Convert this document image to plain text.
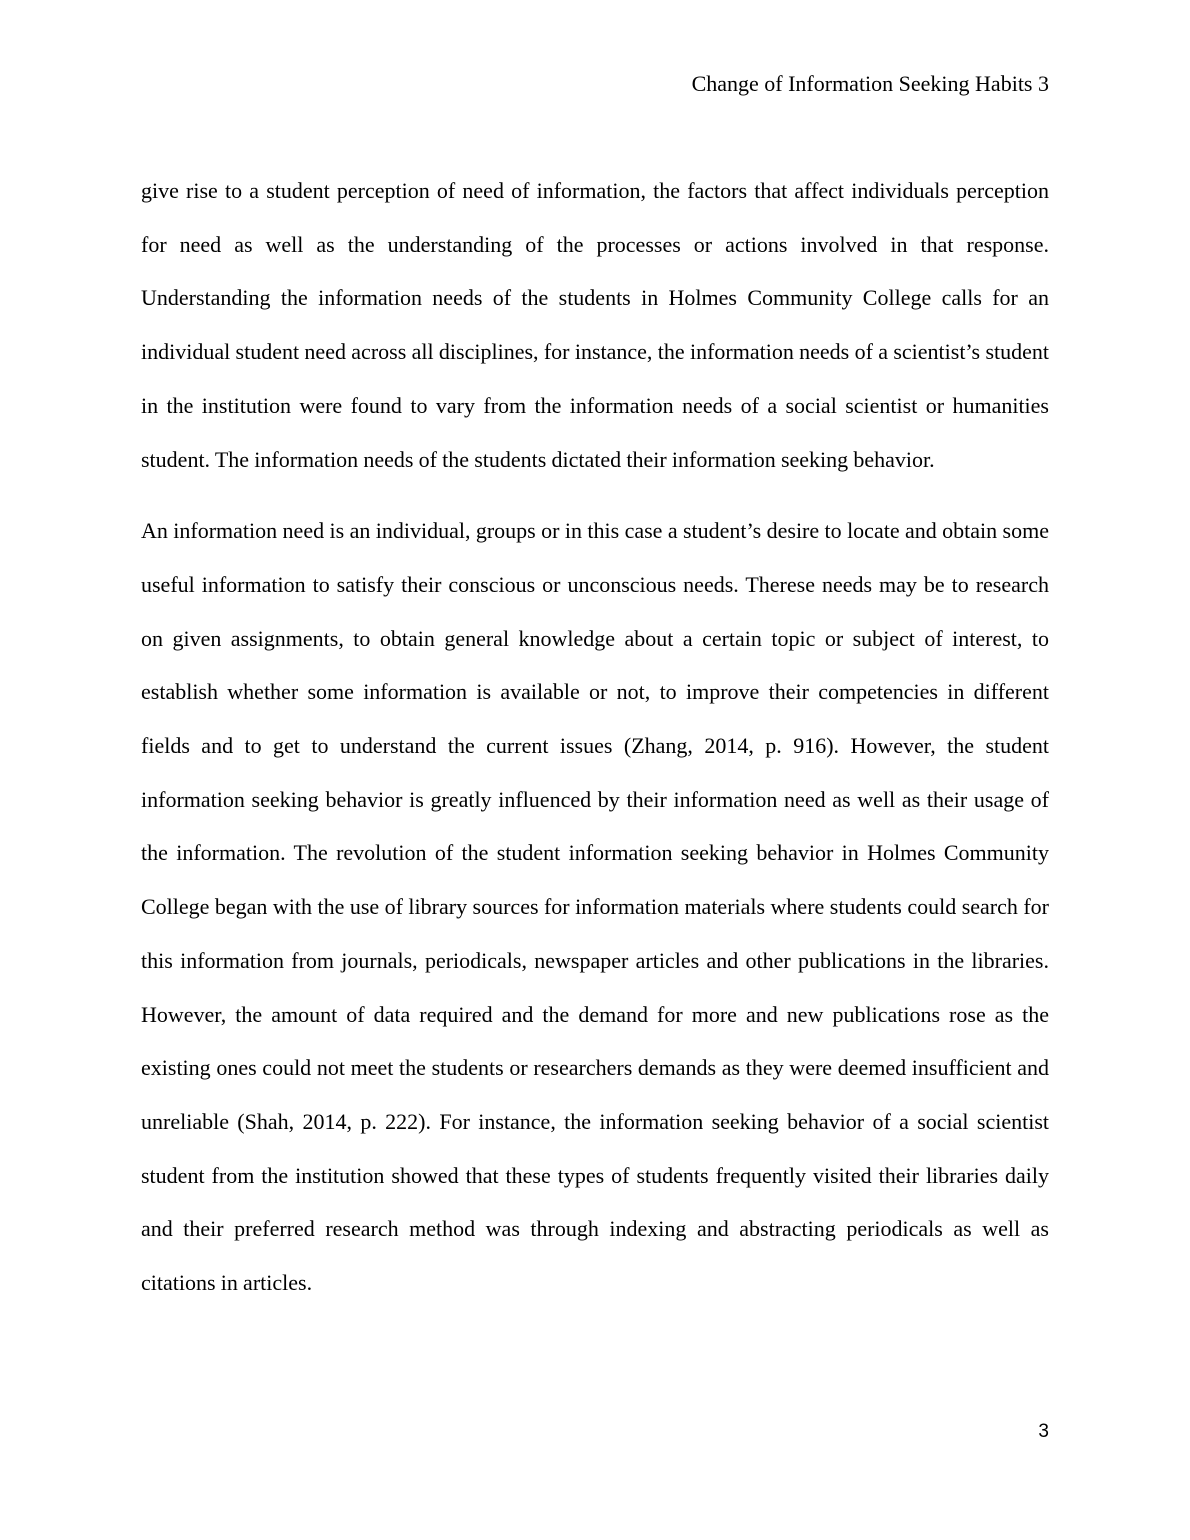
Change of Information Seeking Habits 3

give rise to a student perception of need of information, the factors that affect individuals perception for need as well as the understanding of the processes or actions involved in that response. Understanding the information needs of the students in Holmes Community College calls for an individual student need across all disciplines, for instance, the information needs of a scientist’s student in the institution were found to vary from the information needs of a social scientist or humanities student. The information needs of the students dictated their information seeking behavior.

An information need is an individual, groups or in this case a student’s desire to locate and obtain some useful information to satisfy their conscious or unconscious needs. Therese needs may be to research on given assignments, to obtain general knowledge about a certain topic or subject of interest, to establish whether some information is available or not, to improve their competencies in different fields and to get to understand the current issues (Zhang, 2014, p. 916). However, the student information seeking behavior is greatly influenced by their information need as well as their usage of the information. The revolution of the student information seeking behavior in Holmes Community College began with the use of library sources for information materials where students could search for this information from journals, periodicals, newspaper articles and other publications in the libraries. However, the amount of data required and the demand for more and new publications rose as the existing ones could not meet the students or researchers demands as they were deemed insufficient and unreliable (Shah, 2014, p. 222). For instance, the information seeking behavior of a social scientist student from the institution showed that these types of students frequently visited their libraries daily and their preferred research method was through indexing and abstracting periodicals as well as citations in articles.

3
